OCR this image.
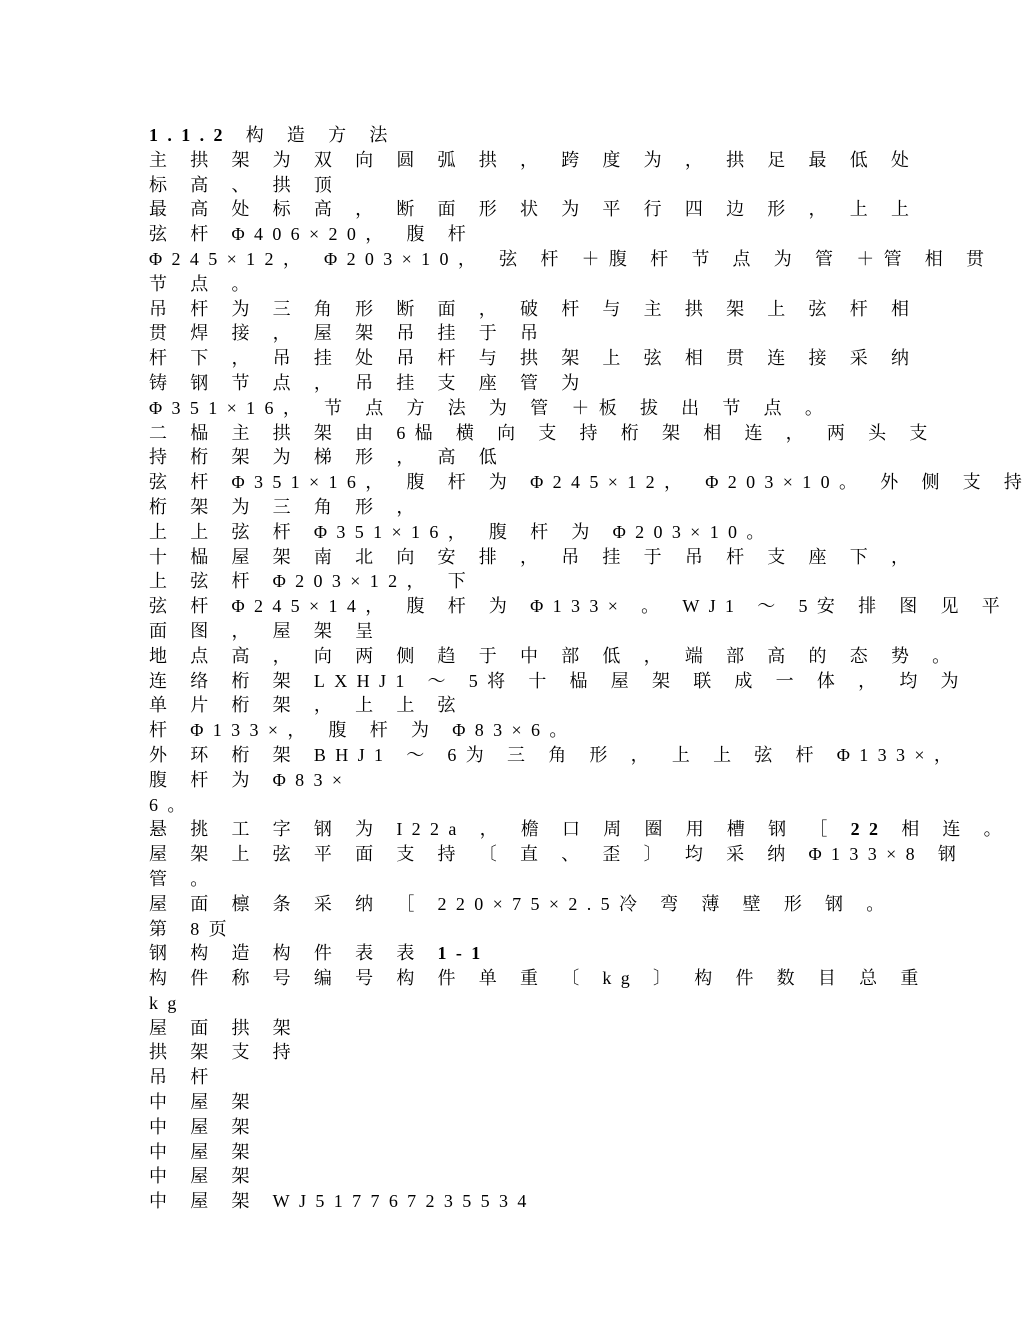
1.1.2 构 造 方 法
主 拱 架 为 双 向 圆 弧 拱 ， 跨 度 为 ， 拱 足 最 低 处
标 高 、 拱 顶
最 高 处 标 高 ， 断 面 形 状 为 平 行 四 边 形 ， 上 上
弦 杆 Φ406×20， 腹 杆
Φ245×12， Φ203×10， 弦 杆 ＋腹 杆 节 点 为 管 ＋管 相 贯
节 点 。
吊 杆 为 三 角 形 断 面 ， 破 杆 与 主 拱 架 上 弦 杆 相
贯 焊 接 ， 屋 架 吊 挂 于 吊
杆 下 ， 吊 挂 处 吊 杆 与 拱 架 上 弦 相 贯 连 接 采 纳
铸 钢 节 点 ， 吊 挂 支 座 管 为
Φ351×16， 节 点 方 法 为 管 ＋板 拔 出 节 点 。
二 榀 主 拱 架 由 6榀 横 向 支 持 桁 架 相 连 ， 两 头 支
持 桁 架 为 梯 形 ， 高 低
弦 杆 Φ351×16， 腹 杆 为 Φ245×12， Φ203×10。 外 侧 支 持
桁 架 为 三 角 形 ，
上 上 弦 杆 Φ351×16， 腹 杆 为 Φ203×10。
十 榀 屋 架 南 北 向 安 排 ， 吊 挂 于 吊 杆 支 座 下 ，
上 弦 杆 Φ203×12， 下
弦 杆 Φ245×14， 腹 杆 为 Φ133× 。 WJ1 ～ 5安 排 图 见 平
面 图 ， 屋 架 呈
地 点 高 ， 向 两 侧 趋 于 中 部 低 ， 端 部 高 的 态 势 。
连 络 桁 架 LXHJ1 ～ 5将 十 榀 屋 架 联 成 一 体 ， 均 为
单 片 桁 架 ， 上 上 弦
杆 Φ133×， 腹 杆 为 Φ83×6。
外 环 桁 架 BHJ1 ～ 6为 三 角 形 ， 上 上 弦 杆 Φ133×，
腹 杆 为 Φ83×
6。
悬 挑 工 字 钢 为 I22a ， 檐 口 周 圈 用 槽 钢 ［ 22 相 连 。
屋 架 上 弦 平 面 支 持 〔 直 、 歪 〕 均 采 纳 Φ133×8 钢
管 。
屋 面 檩 条 采 纳 ［ 220×75×2.5冷 弯 薄 壁 形 钢 。
第 8页
钢 构 造 构 件 表 表 1-1
构 件 称 号 编 号 构 件 单 重 〔 kg 〕 构 件 数 目 总 重
kg
屋 面 拱 架
拱 架 支 持
吊 杆
中 屋 架
中 屋 架
中 屋 架
中 屋 架
中 屋 架 WJ517767235534
